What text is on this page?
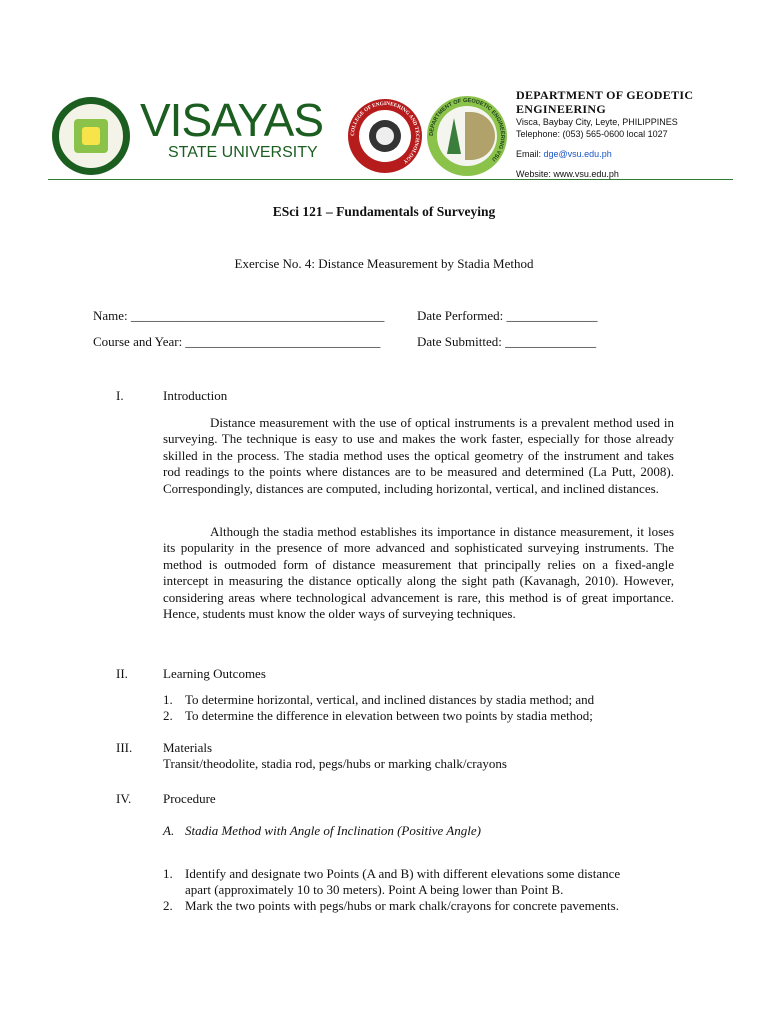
VISAYAS
STATE UNIVERSITY
COLLEGE OF ENGINEERING AND TECHNOLOGY
DEPARTMENT OF GEODETIC ENGINEERING VSU
DEPARTMENT OF GEODETIC
ENGINEERING
Visca, Baybay City, Leyte, PHILIPPINES
Telephone: (053) 565-0600 local 1027
Email: dge@vsu.edu.ph
Website: www.vsu.edu.ph
ESci 121 – Fundamentals of Surveying
Exercise No. 4: Distance Measurement by Stadia Method
Name: _______________________________________	Date Performed: ______________
Course and Year: ______________________________	Date Submitted: ______________
I.	Introduction

Distance measurement with the use of optical instruments is a prevalent method used in surveying. The technique is easy to use and makes the work faster, especially for those already skilled in the process. The stadia method uses the optical geometry of the instrument and takes rod readings to the points where distances are to be measured and determined (La Putt, 2008). Correspondingly, distances are computed, including horizontal, vertical, and inclined distances.

Although the stadia method establishes its importance in distance measurement, it loses its popularity in the presence of more advanced and sophisticated surveying instruments. The method is outmoded form of distance measurement that principally relies on a fixed-angle intercept in measuring the distance optically along the sight path (Kavanagh, 2010). However, considering areas where technological advancement is rare, this method is of great importance. Hence, students must know the older ways of surveying techniques.

II.	Learning Outcomes
1. To determine horizontal, vertical, and inclined distances by stadia method; and
2. To determine the difference in elevation between two points by stadia method;
III. Materials
Transit/theodolite, stadia rod, pegs/hubs or marking chalk/crayons
IV. Procedure
A. Stadia Method with Angle of Inclination (Positive Angle)
1. Identify and designate two Points (A and B) with different elevations some distance
apart (approximately 10 to 30 meters). Point A being lower than Point B.
2. Mark the two points with pegs/hubs or mark chalk/crayons for concrete pavements.
